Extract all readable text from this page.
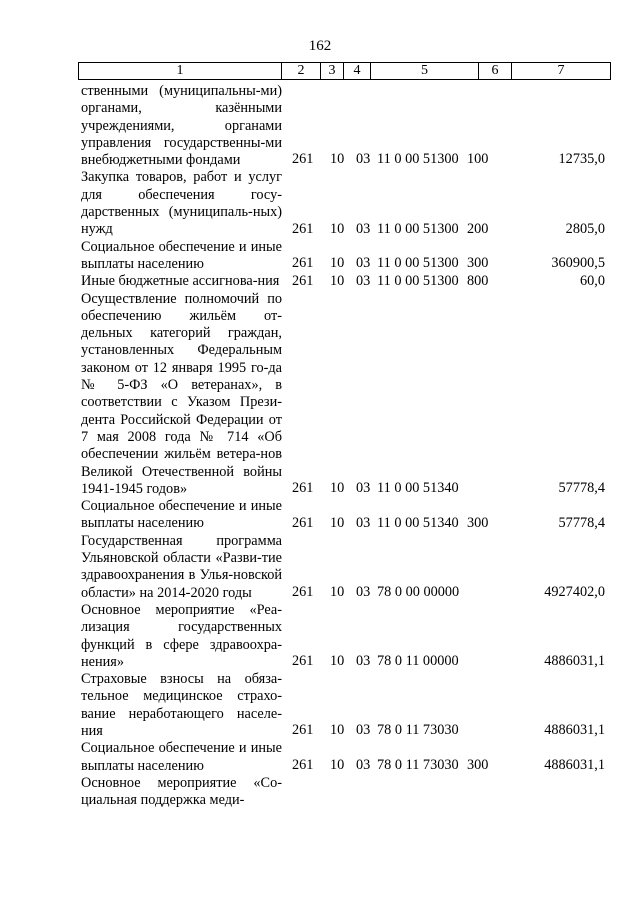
162
1	2	3	4	5	6	7
ственными (муниципальны-ми) органами, казёнными учреждениями, органами управления государственны-ми внебюджетными фондами	261 10 03 11 0 00 51300 100	12735,0
Закупка товаров, работ и услуг для обеспечения госу-дарственных (муниципаль-ных) нужд	261 10 03 11 0 00 51300 200	2805,0
Социальное обеспечение и иные выплаты населению	261 10 03 11 0 00 51300 300	360900,5
Иные бюджетные ассигнова-ния 261 10 03 11 0 00 51300 800	60,0
Осуществление полномочий по обеспечению жильём от-дельных категорий граждан, установленных Федеральным законом от 12 января 1995 го-да № 5-ФЗ «О ветеранах», в соответствии с Указом Прези-дента Российской Федерации от 7 мая 2008 года № 714 «Об обеспечении жильём ветера-нов Великой Отечественной войны 1941-1945 годов»	261 10 03 11 0 00 51340	57778,4
Социальное обеспечение и иные выплаты населению	261 10 03 11 0 00 51340 300	57778,4
Государственная программа Ульяновской области «Разви-тие здравоохранения в Улья-новской области» на 2014-2020 годы	261 10 03 78 0 00 00000	4927402,0
Основное мероприятие «Реа-лизация государственных функций в сфере здравоохра-нения»	261 10 03 78 0 11 00000	4886031,1
Страховые взносы на обяза-тельное медицинское страхо-вание неработающего населе-ния	261 10 03 78 0 11 73030	4886031,1
Социальное обеспечение и иные выплаты населению	261 10 03 78 0 11 73030 300	4886031,1
Основное мероприятие «Со-циальная поддержка меди-
